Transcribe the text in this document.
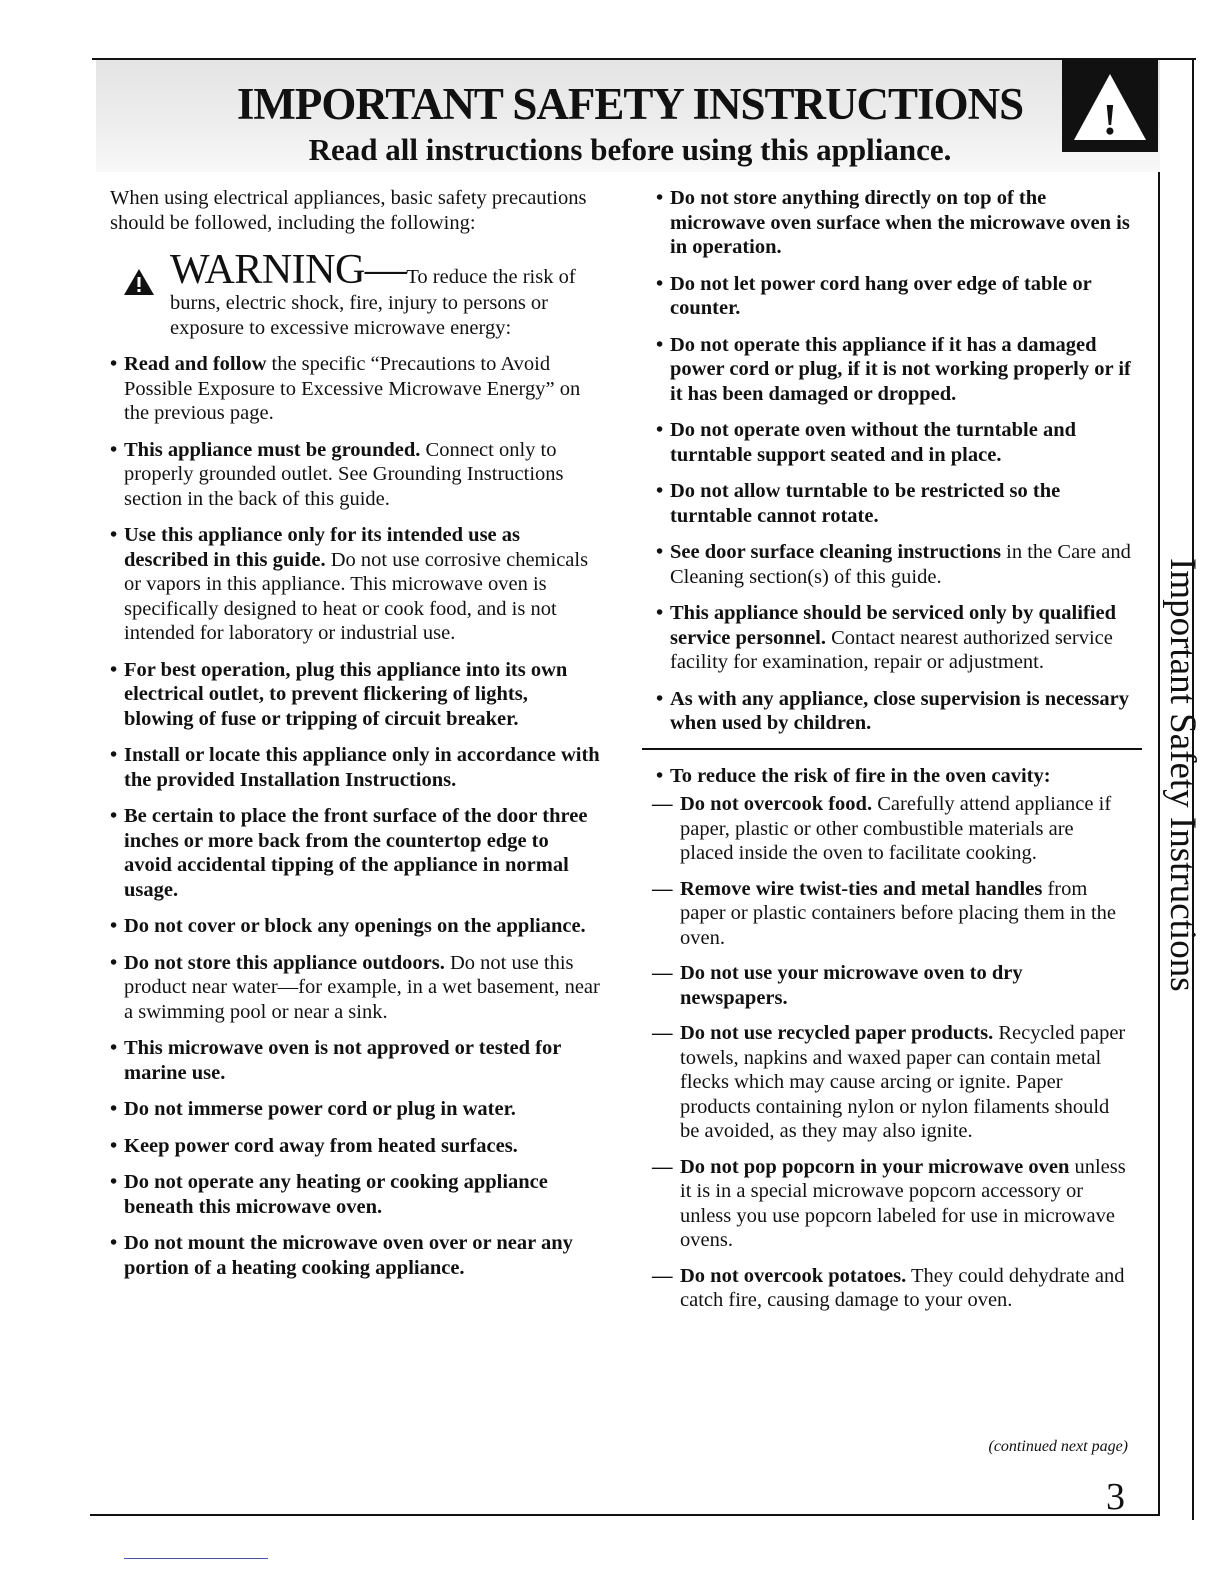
IMPORTANT SAFETY INSTRUCTIONS
Read all instructions before using this appliance.
!
Important Safety Instructions

When using electrical appliances, basic safety precautions should be followed, including the following:

WARNING—To reduce the risk of burns, electric shock, fire, injury to persons or exposure to excessive microwave energy:
• Read and follow the specific “Precautions to Avoid Possible Exposure to Excessive Microwave Energy” on the previous page.
• This appliance must be grounded. Connect only to properly grounded outlet. See Grounding Instructions section in the back of this guide.
• Use this appliance only for its intended use as described in this guide. Do not use corrosive chemicals or vapors in this appliance. This microwave oven is specifically designed to heat or cook food, and is not intended for laboratory or industrial use.
• For best operation, plug this appliance into its own electrical outlet, to prevent flickering of lights, blowing of fuse or tripping of circuit breaker.
• Install or locate this appliance only in accordance with the provided Installation Instructions.
• Be certain to place the front surface of the door three inches or more back from the countertop edge to avoid accidental tipping of the appliance in normal usage.
• Do not cover or block any openings on the appliance.
• Do not store this appliance outdoors. Do not use this product near water—for example, in a wet basement, near a swimming pool or near a sink.
• This microwave oven is not approved or tested for marine use.
• Do not immerse power cord or plug in water.
• Keep power cord away from heated surfaces.
• Do not operate any heating or cooking appliance beneath this microwave oven.
• Do not mount the microwave oven over or near any portion of a heating cooking appliance.
• Do not store anything directly on top of the microwave oven surface when the microwave oven is in operation.
• Do not let power cord hang over edge of table or counter.
• Do not operate this appliance if it has a damaged power cord or plug, if it is not working properly or if it has been damaged or dropped.
• Do not operate oven without the turntable and turntable support seated and in place.
• Do not allow turntable to be restricted so the turntable cannot rotate.
• See door surface cleaning instructions in the Care and Cleaning section(s) of this guide.
• This appliance should be serviced only by qualified service personnel. Contact nearest authorized service facility for examination, repair or adjustment.
• As with any appliance, close supervision is necessary when used by children.
• To reduce the risk of fire in the oven cavity:
— Do not overcook food. Carefully attend appliance if paper, plastic or other combustible materials are placed inside the oven to facilitate cooking.
— Remove wire twist-ties and metal handles from paper or plastic containers before placing them in the oven.
— Do not use your microwave oven to dry newspapers.
— Do not use recycled paper products. Recycled paper towels, napkins and waxed paper can contain metal flecks which may cause arcing or ignite. Paper products containing nylon or nylon filaments should be avoided, as they may also ignite.
— Do not pop popcorn in your microwave oven unless it is in a special microwave popcorn accessory or unless you use popcorn labeled for use in microwave ovens.
— Do not overcook potatoes. They could dehydrate and catch fire, causing damage to your oven.
(continued next page)
3
